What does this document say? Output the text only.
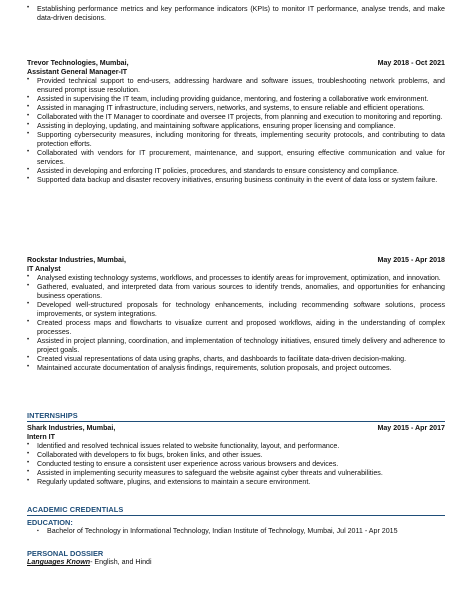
• Establishing performance metrics and key performance indicators (KPIs) to monitor IT performance, analyse trends, and make data-driven decisions.
Trevor Technologies, Mumbai,	May 2018 - Oct 2021
Assistant General Manager-IT
• Provided technical support to end-users, addressing hardware and software issues, troubleshooting network problems, and ensured prompt issue resolution.
• Assisted in supervising the IT team, including providing guidance, mentoring, and fostering a collaborative work environment.
• Assisted in managing IT infrastructure, including servers, networks, and systems, to ensure reliable and efficient operations.
• Collaborated with the IT Manager to coordinate and oversee IT projects, from planning and execution to monitoring and reporting.
• Assisting in deploying, updating, and maintaining software applications, ensuring proper licensing and compliance.
• Supporting cybersecurity measures, including monitoring for threats, implementing security protocols, and contributing to data protection efforts.
• Collaborated with vendors for IT procurement, maintenance, and support, ensuring effective communication and value for services.
• Assisted in developing and enforcing IT policies, procedures, and standards to ensure consistency and compliance.
• Supported data backup and disaster recovery initiatives, ensuring business continuity in the event of data loss or system failure.
Rockstar Industries, Mumbai,	May 2015 - Apr 2018
IT Analyst
• Analysed existing technology systems, workflows, and processes to identify areas for improvement, optimization, and innovation.
• Gathered, evaluated, and interpreted data from various sources to identify trends, anomalies, and opportunities for enhancing business operations.
• Developed well-structured proposals for technology enhancements, including recommending software solutions, process improvements, or system integrations.
• Created process maps and flowcharts to visualize current and proposed workflows, aiding in the understanding of complex processes.
• Assisted in project planning, coordination, and implementation of technology initiatives, ensured timely delivery and adherence to project goals.
• Created visual representations of data using graphs, charts, and dashboards to facilitate data-driven decision-making.
• Maintained accurate documentation of analysis findings, requirements, solution proposals, and project outcomes.
INTERNSHIPS
Shark Industries, Mumbai,	May 2015 - Apr 2017
Intern IT
• Identified and resolved technical issues related to website functionality, layout, and performance.
• Collaborated with developers to fix bugs, broken links, and other issues.
• Conducted testing to ensure a consistent user experience across various browsers and devices.
• Assisted in implementing security measures to safeguard the website against cyber threats and vulnerabilities.
• Regularly updated software, plugins, and extensions to maintain a secure environment.
ACADEMIC CREDENTIALS
EDUCATION:
▪ Bachelor of Technology in Informational Technology, Indian Institute of Technology, Mumbai, Jul 2011 - Apr 2015
PERSONAL DOSSIER
Languages Known- English, and Hindi
